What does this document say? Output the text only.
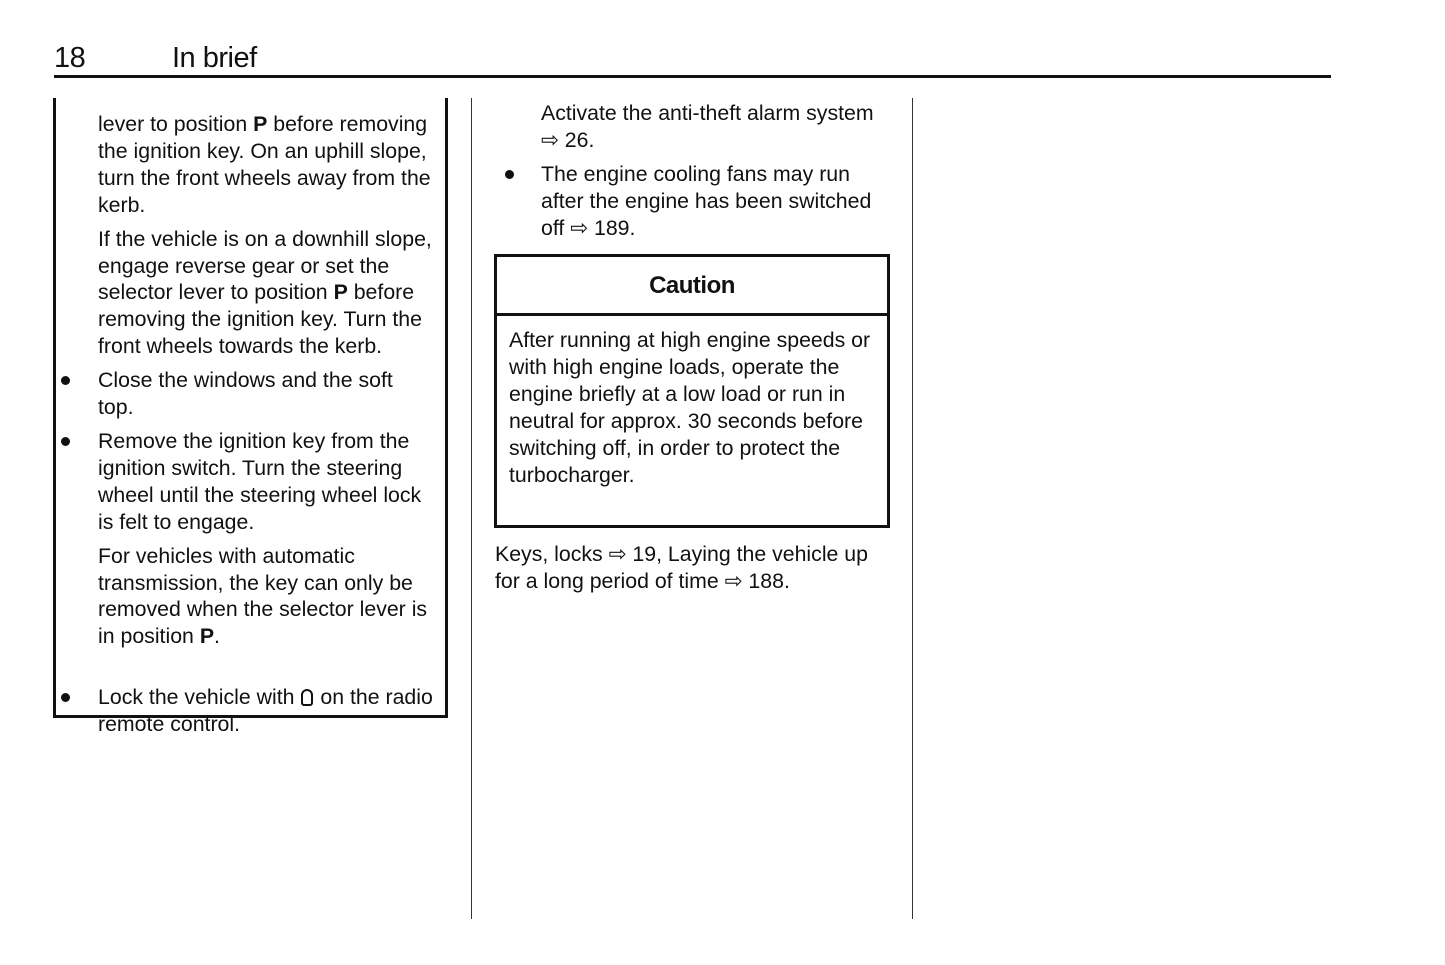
18	In brief

lever to position P before removing the ignition key. On an uphill slope, turn the front wheels away from the kerb.

If the vehicle is on a downhill slope, engage reverse gear or set the selector lever to position P before removing the ignition key. Turn the front wheels towards the kerb.

Close the windows and the soft top.

Remove the ignition key from the ignition switch. Turn the steering wheel until the steering wheel lock is felt to engage.

For vehicles with automatic transmission, the key can only be removed when the selector lever is in position P.

Lock the vehicle with  on the radio remote control.

Activate the anti-theft alarm system ⇨ 26.

The engine cooling fans may run after the engine has been switched off ⇨ 189.

Caution
After running at high engine speeds or with high engine loads, operate the engine briefly at a low load or run in neutral for approx. 30 seconds before switching off, in order to protect the turbocharger.
Keys, locks ⇨ 19, Laying the vehicle up for a long period of time ⇨ 188.
